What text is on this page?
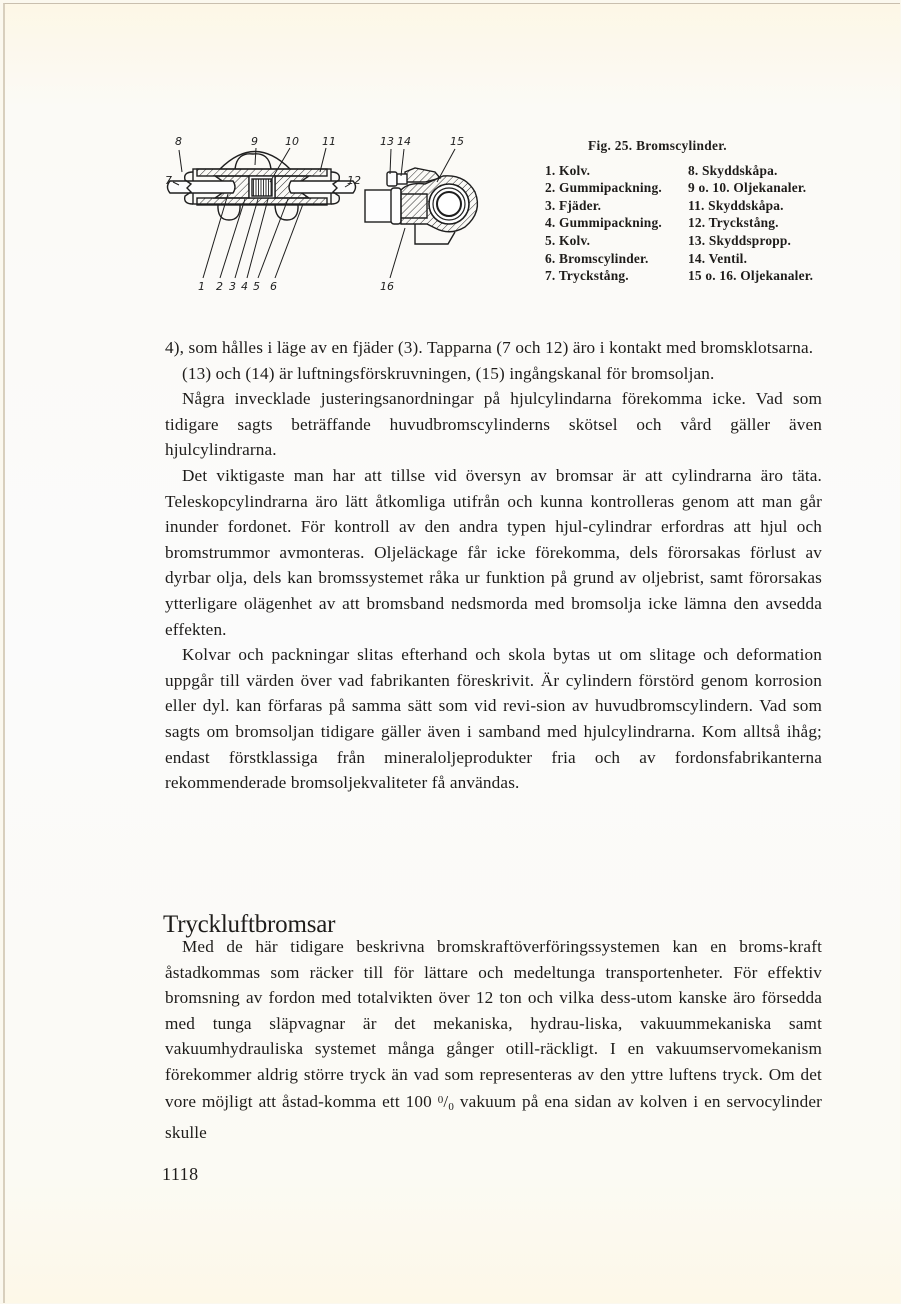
8	9 10 11
7	12
1 2 3 4 5 6
13 14	15
16
Fig. 25. Bromscylinder.
1. Kolv.	8. Skyddskåpa.
2. Gummipackning.	9 o. 10. Oljekanaler.
3. Fjäder.	11. Skyddskåpa.
4. Gummipackning.	12. Tryckstång.
5. Kolv.	13. Skyddspropp.
6. Bromscylinder.	14. Ventil.
7. Tryckstång.	15 o. 16. Oljekanaler.

4), som hålles i läge av en fjäder (3). Tapparna (7 och 12) äro i kontakt med bromsklotsarna.

(13) och (14) är luftningsförskruvningen, (15) ingångskanal för bromsoljan.

Några invecklade justeringsanordningar på hjulcylindarna förekomma icke. Vad som tidigare sagts beträffande huvudbromscylinderns skötsel och vård gäller även hjulcylindrarna.

Det viktigaste man har att tillse vid översyn av bromsar är att cylindrarna äro täta. Teleskopcylindrarna äro lätt åtkomliga utifrån och kunna kontrolleras genom att man går inunder fordonet. För kontroll av den andra typen hjul-cylindrar erfordras att hjul och bromstrummor avmonteras. Oljeläckage får icke förekomma, dels förorsakas förlust av dyrbar olja, dels kan bromssystemet råka ur funktion på grund av oljebrist, samt förorsakas ytterligare olägenhet av att bromsband nedsmorda med bromsolja icke lämna den avsedda effekten.

Kolvar och packningar slitas efterhand och skola bytas ut om slitage och deformation uppgår till värden över vad fabrikanten föreskrivit. Är cylindern förstörd genom korrosion eller dyl. kan förfaras på samma sätt som vid revi-sion av huvudbromscylindern. Vad som sagts om bromsoljan tidigare gäller även i samband med hjulcylindrarna. Kom alltså ihåg; endast förstklassiga från mineraloljeprodukter fria och av fordonsfabrikanterna rekommenderade bromsoljekvaliteter få användas.

Tryckluftbromsar

Med de här tidigare beskrivna bromskraftöverföringssystemen kan en broms-kraft åstadkommas som räcker till för lättare och medeltunga transportenheter. För effektiv bromsning av fordon med totalvikten över 12 ton och vilka dess-utom kanske äro försedda med tunga släpvagnar är det mekaniska, hydrau-liska, vakuummekaniska samt vakuumhydrauliska systemet många gånger otill-räckligt. I en vakuumservomekanism förekommer aldrig större tryck än vad som representeras av den yttre luftens tryck. Om det vore möjligt att åstad-komma ett 100 $^0$/0 vakuum på ena sidan av kolven i en servocylinder skulle

1118
